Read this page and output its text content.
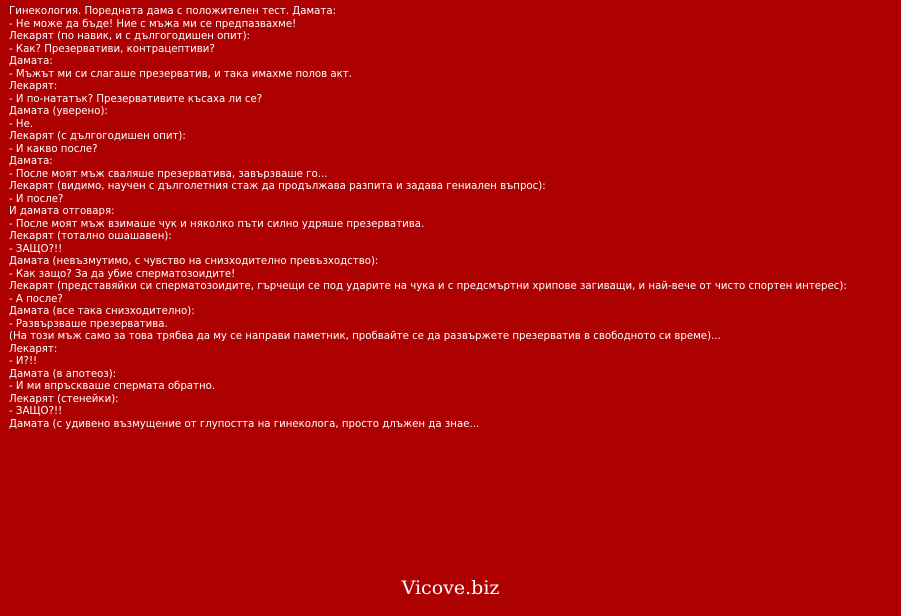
Гинекология. Поредната дама с положителен тест. Дамата:
- Не може да бъде! Ние с мъжа ми се предпазвахме!
Лекарят (по навик, и с дългогодишен опит):
- Как? Презервативи, контрацептиви?
Дамата:
- Мъжът ми си слагаше презерватив, и така имахме полов акт.
Лекарят:
- И по-нататък? Презервативите късаха ли се?
Дамата (уверено):
- Не.
Лекарят (с дългогодишен опит):
- И какво после?
Дамата:
- После моят мъж сваляше презерватива, завързваше го...
Лекарят (видимо, научен с дълголетния стаж да продължава разпита и задава гениален въпрос):
- И после?
И дамата отговаря:
- После моят мъж взимаше чук и няколко пъти силно удряше презерватива.
Лекарят (тотално ошашавен):
- ЗАЩО?!!
Дамата (невъзмутимо, с чувство на снизходително превъзходство):
- Как защо? За да убие сперматозоидите!
Лекарят (представяйки си сперматозоидите, гърчещи се под ударите на чука и с предсмъртни хрипове загиващи, и най-вече от чисто спортен интерес):
- А после?
Дамата (все така снизходително):
- Развързваше презерватива.
(На този мъж само за това трябва да му се направи паметник, пробвайте се да развържете презерватив в свободното си време)...
Лекарят:
- И?!!
Дамата (в апотеоз):
- И ми впръскваше спермата обратно.
Лекарят (стенейки):
- ЗАЩО?!!
Дамата (с удивено възмущение от глупостта на гинеколога, просто длъжен да знае...
Vicove.biz
